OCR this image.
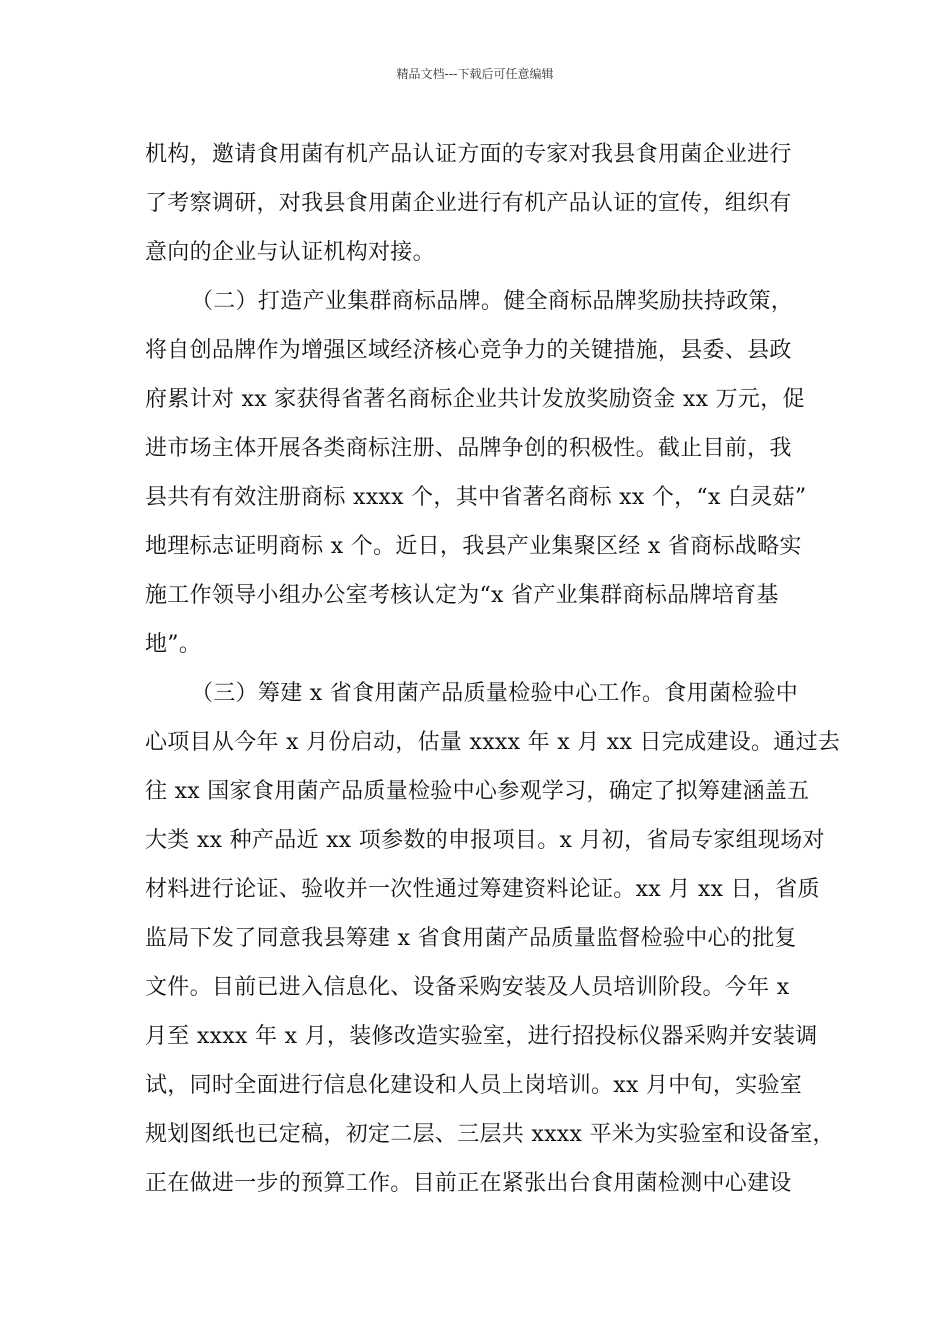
精品文档---下载后可任意编辑
机构，邀请食用菌有机产品认证方面的专家对我县食用菌企业进行
了考察调研，对我县食用菌企业进行有机产品认证的宣传，组织有
意向的企业与认证机构对接。
（二）打造产业集群商标品牌。健全商标品牌奖励扶持政策，
将自创品牌作为增强区域经济核心竞争力的关键措施，县委、县政
府累计对 xx 家获得省著名商标企业共计发放奖励资金 xx 万元，促
进市场主体开展各类商标注册、品牌争创的积极性。截止目前，我
县共有有效注册商标 xxxx 个，其中省著名商标 xx 个，“x 白灵菇”
地理标志证明商标 x 个。近日，我县产业集聚区经 x 省商标战略实
施工作领导小组办公室考核认定为“x 省产业集群商标品牌培育基
地”。
（三）筹建 x 省食用菌产品质量检验中心工作。食用菌检验中
心项目从今年 x 月份启动，估量 xxxx 年 x 月 xx 日完成建设。通过去
往 xx 国家食用菌产品质量检验中心参观学习，确定了拟筹建涵盖五
大类 xx 种产品近 xx 项参数的申报项目。x 月初，省局专家组现场对
材料进行论证、验收并一次性通过筹建资料论证。xx 月 xx 日，省质
监局下发了同意我县筹建 x 省食用菌产品质量监督检验中心的批复
文件。目前已进入信息化、设备采购安装及人员培训阶段。今年 x
月至 xxxx 年 x 月，装修改造实验室，进行招投标仪器采购并安装调
试，同时全面进行信息化建设和人员上岗培训。xx 月中旬，实验室
规划图纸也已定稿，初定二层、三层共 xxxx 平米为实验室和设备室，
正在做进一步的预算工作。目前正在紧张出台食用菌检测中心建设
